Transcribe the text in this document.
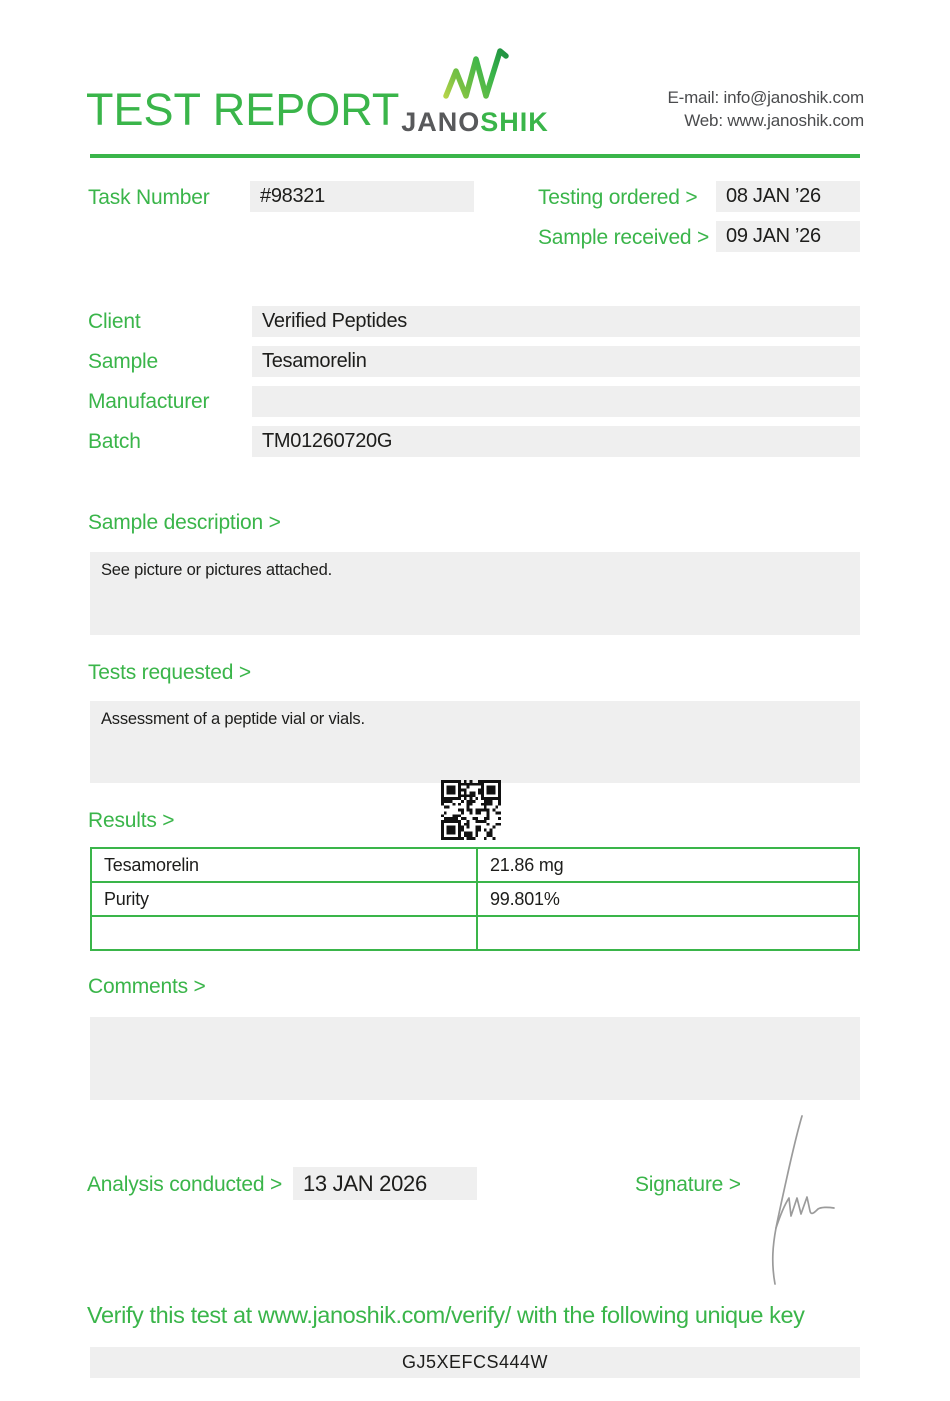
TEST REPORT JANOSHIK
E-mail: info@janoshik.com
Web: www.janoshik.com
Task Number	#98321	Testing ordered >	08 JAN ’26
Sample received > 09 JAN ’26
Client	Verified Peptides
Sample	Tesamorelin
Manufacturer
Batch	TM01260720G
Sample description >
See picture or pictures attached.
Tests requested >
Assessment of a peptide vial or vials.
Results >
Tesamorelin	21.86 mg
Purity	99.801%
Comments >
Analysis conducted > 13 JAN 2026	Signature >
Verify this test at www.janoshik.com/verify/ with the following unique key
GJ5XEFCS444W
